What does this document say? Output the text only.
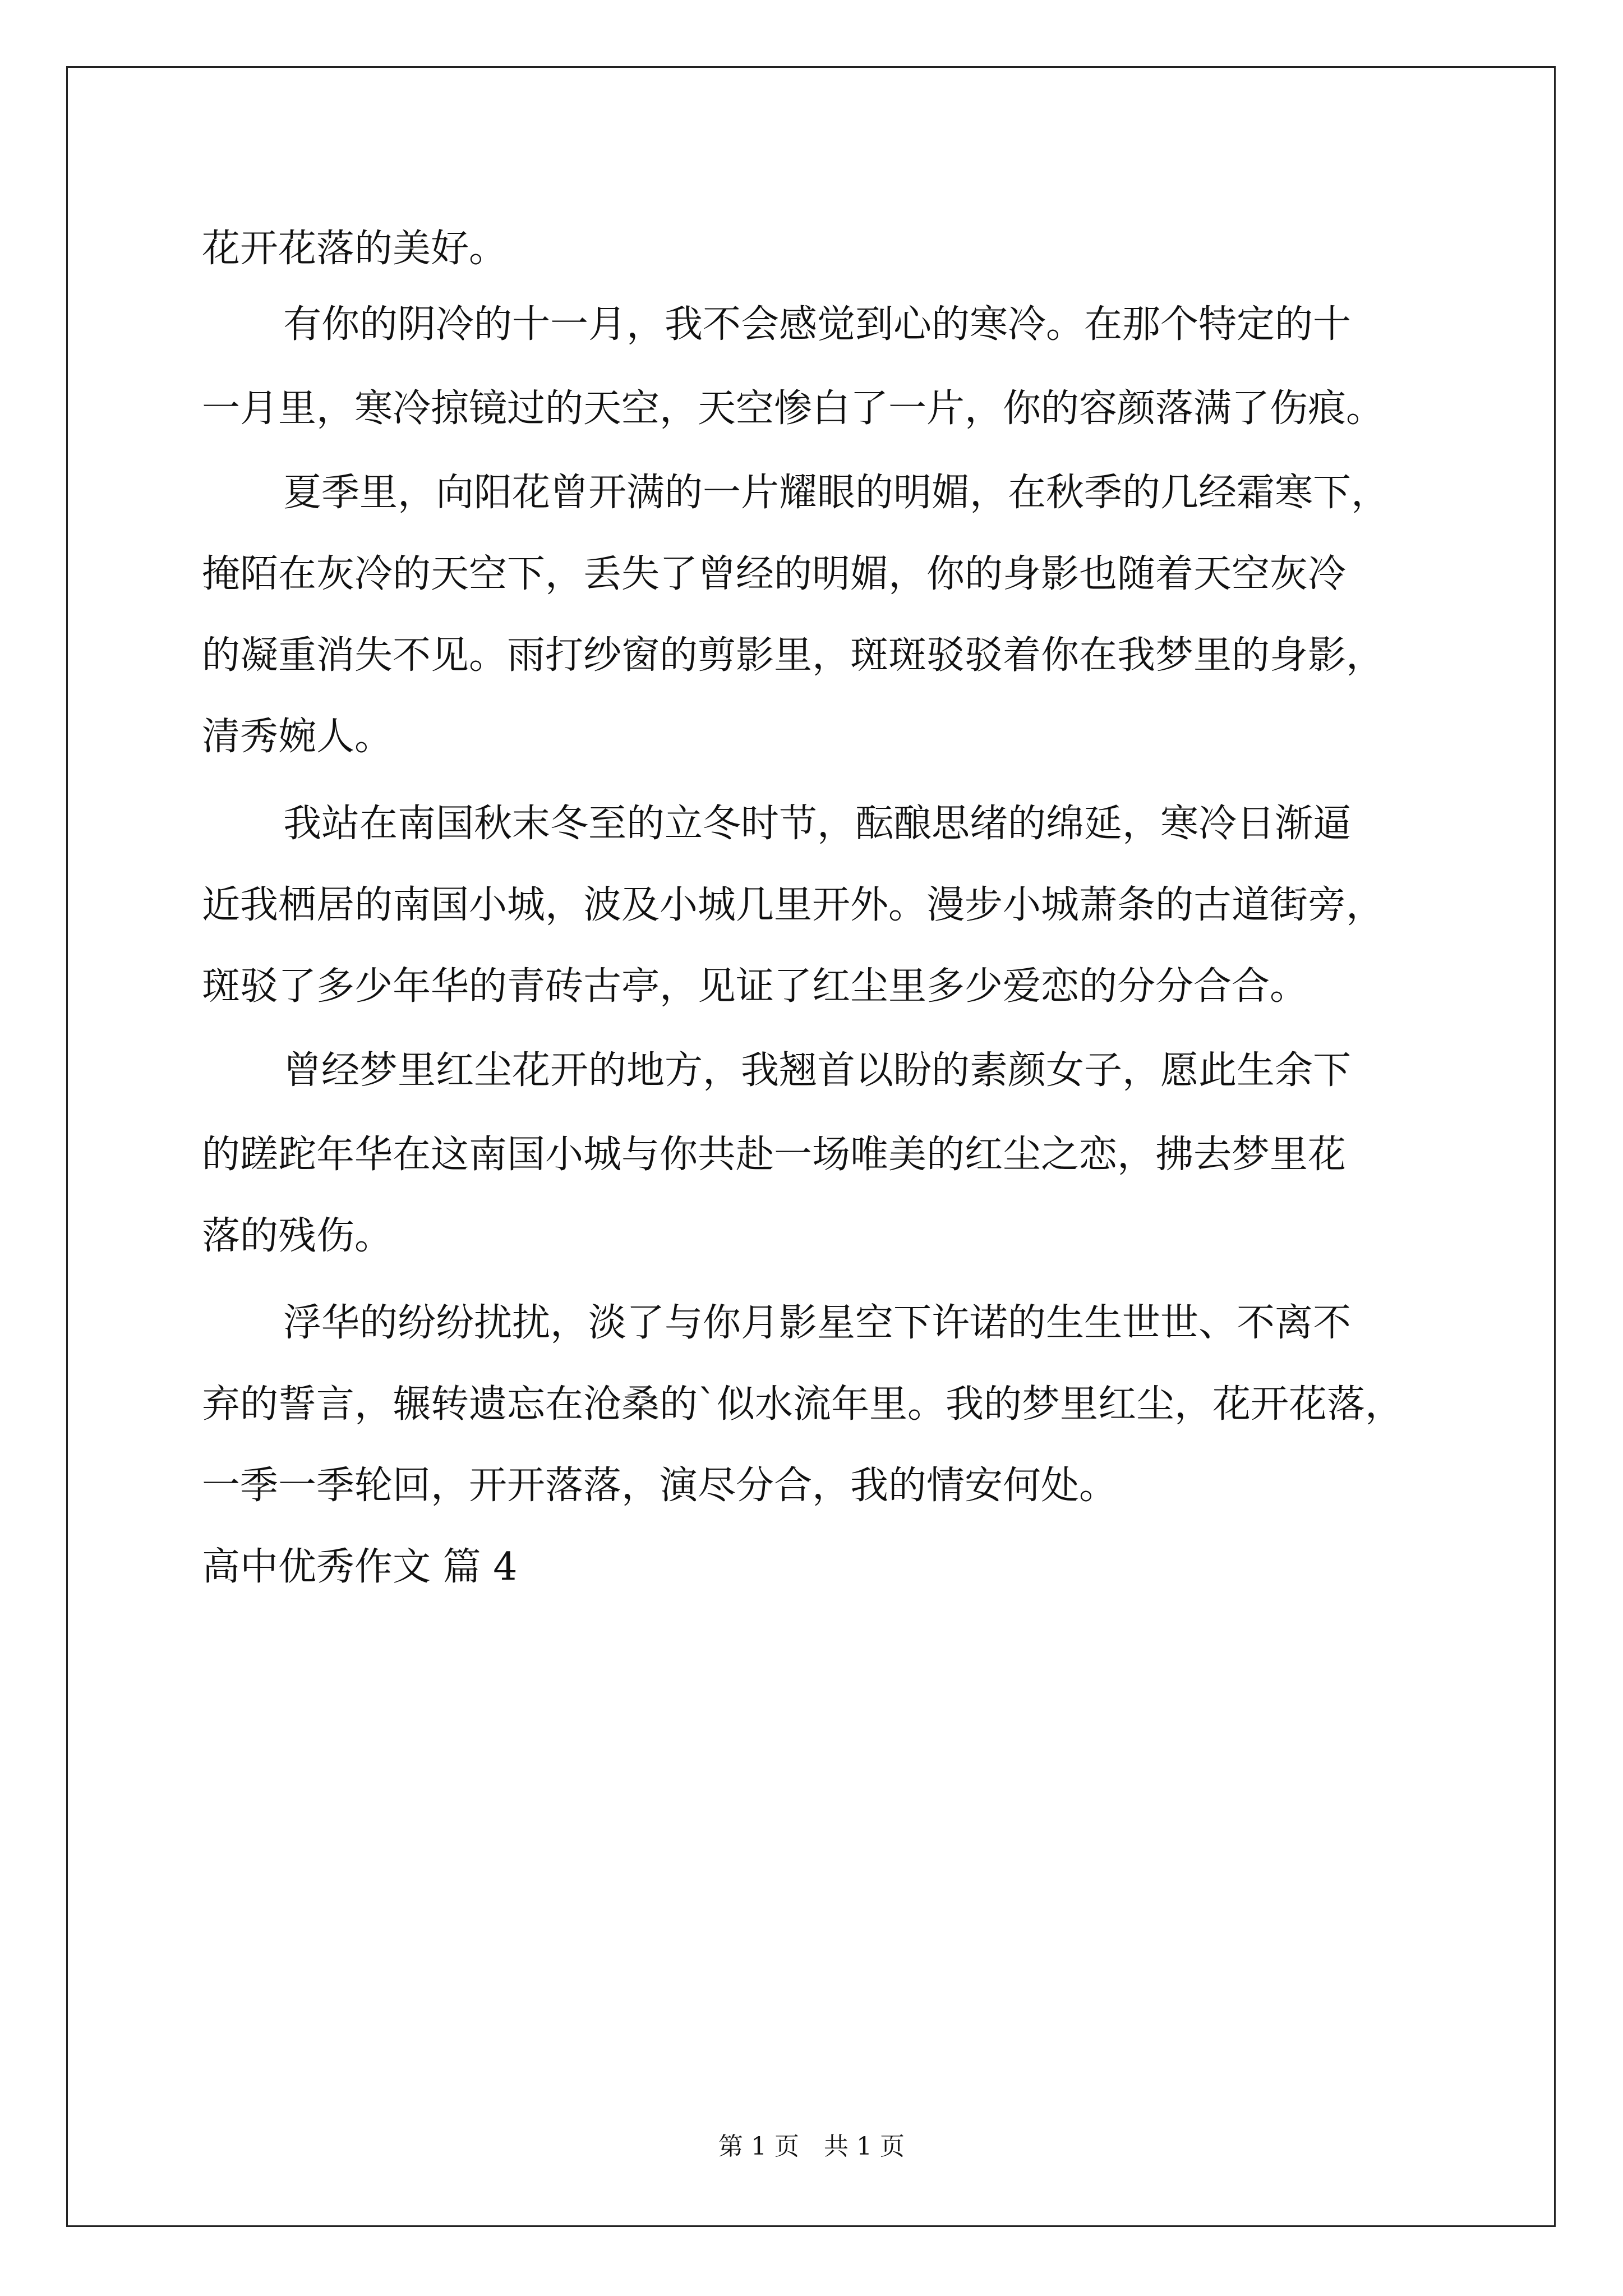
花开花落的美好。
有你的阴冷的十一月，我不会感觉到心的寒冷。在那个特定的十
一月里，寒冷掠镜过的天空，天空惨白了一片，你的容颜落满了伤痕。
夏季里，向阳花曾开满的一片耀眼的明媚，在秋季的几经霜寒下，
掩陌在灰冷的天空下，丢失了曾经的明媚，你的身影也随着天空灰冷
的凝重消失不见。雨打纱窗的剪影里，斑斑驳驳着你在我梦里的身影，
清秀婉人。
我站在南国秋末冬至的立冬时节，酝酿思绪的绵延，寒冷日渐逼
近我栖居的南国小城，波及小城几里开外。漫步小城萧条的古道街旁，
斑驳了多少年华的青砖古亭，见证了红尘里多少爱恋的分分合合。
曾经梦里红尘花开的地方，我翘首以盼的素颜女子，愿此生余下
的蹉跎年华在这南国小城与你共赴一场唯美的红尘之恋，拂去梦里花
落的残伤。
浮华的纷纷扰扰，淡了与你月影星空下许诺的生生世世、不离不
弃的誓言，辗转遗忘在沧桑的`似水流年里。我的梦里红尘，花开花落，
一季一季轮回，开开落落，演尽分合，我的情安何处。
高中优秀作文 篇 4
第 1 页　共 1 页
